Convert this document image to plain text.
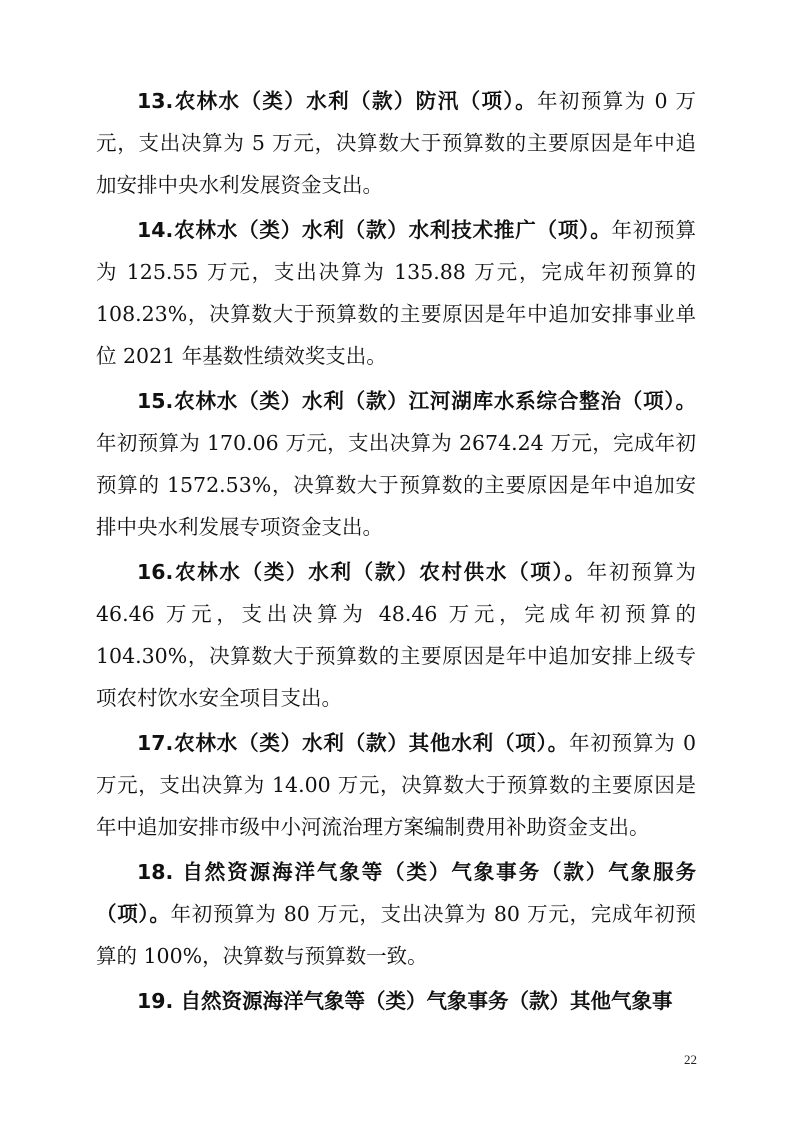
13.农林水（类）水利（款）防汛（项）。年初预算为 0 万元，支出决算为 5 万元，决算数大于预算数的主要原因是年中追加安排中央水利发展资金支出。

14.农林水（类）水利（款）水利技术推广（项）。年初预算为 125.55 万元，支出决算为 135.88 万元，完成年初预算的 108.23%，决算数大于预算数的主要原因是年中追加安排事业单位 2021 年基数性绩效奖支出。

15.农林水（类）水利（款）江河湖库水系综合整治（项）。年初预算为 170.06 万元，支出决算为 2674.24 万元，完成年初预算的 1572.53%，决算数大于预算数的主要原因是年中追加安排中央水利发展专项资金支出。

16.农林水（类）水利（款）农村供水（项）。年初预算为 46.46 万元，支出决算为 48.46 万元，完成年初预算的 104.30%，决算数大于预算数的主要原因是年中追加安排上级专项农村饮水安全项目支出。

17.农林水（类）水利（款）其他水利（项）。年初预算为 0 万元，支出决算为 14.00 万元，决算数大于预算数的主要原因是年中追加安排市级中小河流治理方案编制费用补助资金支出。

18. 自然资源海洋气象等（类）气象事务（款）气象服务（项）。年初预算为 80 万元，支出决算为 80 万元，完成年初预算的 100%，决算数与预算数一致。

19. 自然资源海洋气象等（类）气象事务（款）其他气象事

22
